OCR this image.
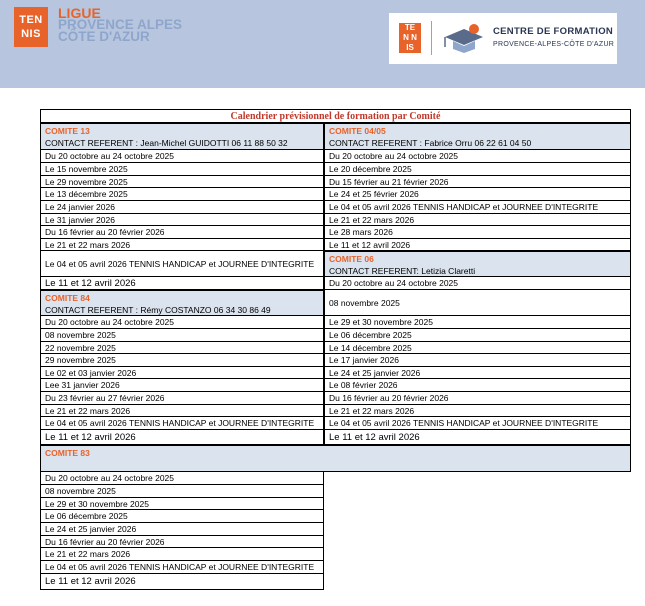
TEN NIS
LIGUE
PROVENCE ALPES
CÔTE D'AZUR
TEN NIS
CENTRE DE FORMATION
PROVENCE-ALPES-CÔTE D'AZUR
Calendrier prévisionnel de formation par Comité
COMITE 13
CONTACT REFERENT : Jean-Michel GUIDOTTI 06 11 88 50 32
Du 20 octobre au 24 octobre 2025
Le 15 novembre 2025
Le 29 novembre 2025
Le 13 décembre 2025
Le 24 janvier 2026
Le 31 janvier 2026
Du 16 février au 20 février 2026
Le 21 et 22 mars 2026
Le 04 et 05 avril 2026 TENNIS HANDICAP et JOURNEE D'INTEGRITE
Le 11 et 12 avril 2026
COMITE 04/05
CONTACT REFERENT : Fabrice Orru 06 22 61 04 50
Du 20 octobre au 24 octobre 2025
Le 20 décembre 2025
Du 15 février au 21 février 2026
Le 24 et 25 février 2026
Le 04 et 05 avril 2026 TENNIS HANDICAP et JOURNEE D'INTEGRITE
Le 21 et 22 mars 2026
Le 28 mars 2026
Le 11 et 12 avril 2026
COMITE 06
CONTACT REFERENT: Letizia Claretti
Du 20 octobre au 24 octobre 2025
08 novembre 2025
Le 29 et 30 novembre 2025
Le 06 décembre 2025
Le 14 décembre 2025
Le 17 janvier 2026
Le 24 et 25 janvier 2026
Le 08 février 2026
Du 16 février au 20 février 2026
Le 21 et 22 mars 2026
Le 04 et 05 avril 2026 TENNIS HANDICAP et JOURNEE D'INTEGRITE
Le 11 et 12 avril 2026
COMITE 84
CONTACT REFERENT : Rémy COSTANZO 06 34 30 86 49
Du 20 octobre au 24 octobre 2025
08 novembre 2025
22 novembre 2025
29 novembre 2025
Le 02 et 03 janvier 2026
Lee 31 janvier 2026
Du 23 février au 27 février 2026
Le 21 et 22 mars 2026
Le 04 et 05 avril 2026 TENNIS HANDICAP et JOURNEE D'INTEGRITE
Le 11 et 12 avril 2026
COMITE 83
Du 20 octobre au 24 octobre 2025
08 novembre 2025
Le 29 et 30 novembre 2025
Le 06 décembre 2025
Le 24 et 25 janvier 2026
Du 16 février au 20 février 2026
Le 21 et 22 mars 2026
Le 04 et 05 avril 2026 TENNIS HANDICAP et JOURNEE D'INTEGRITE
Le 11 et 12 avril 2026
